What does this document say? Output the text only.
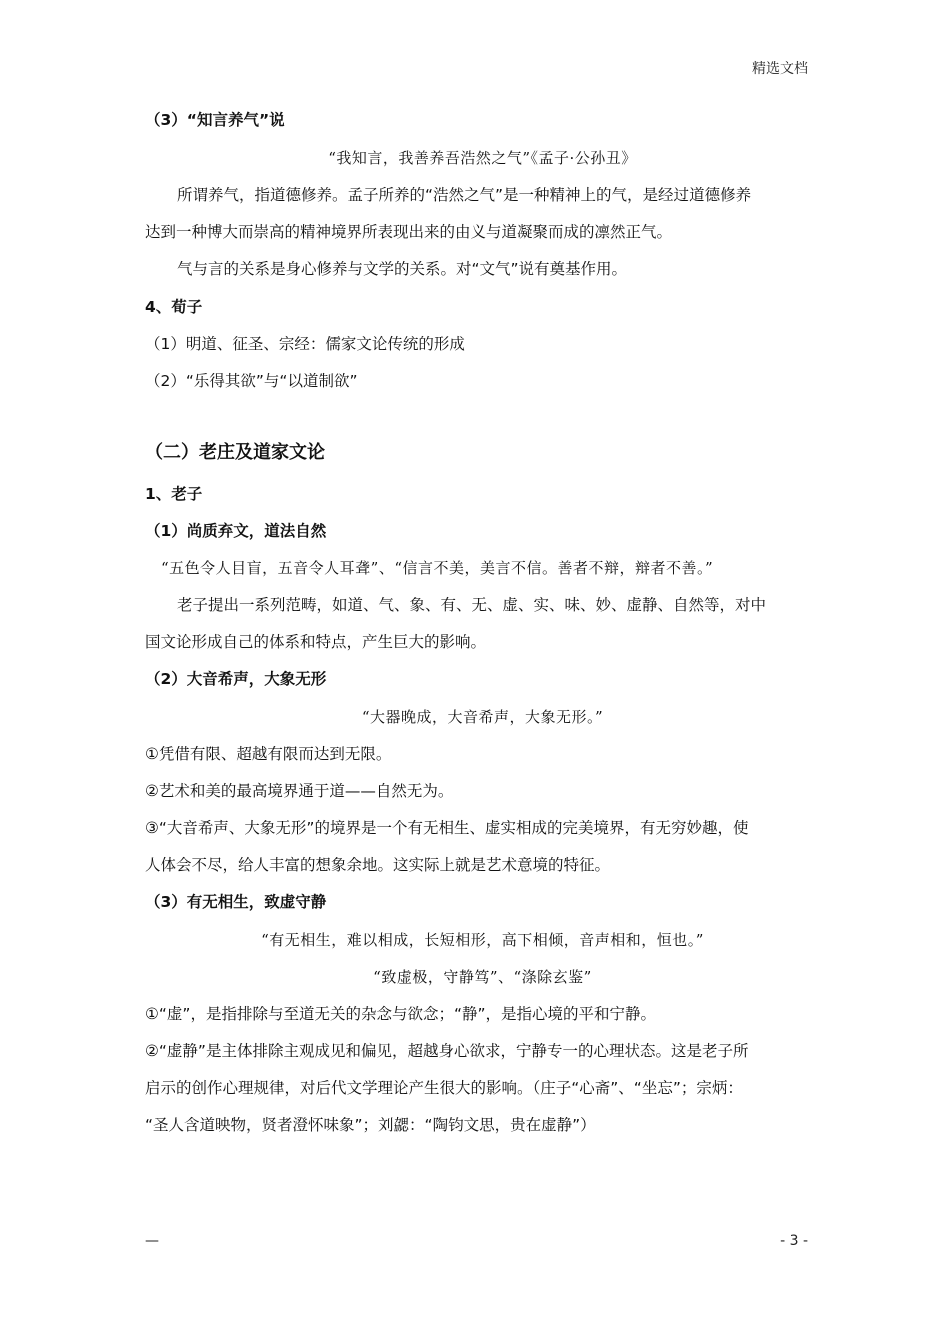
精选文档
（3）“知言养气”说
“我知言，我善养吾浩然之气”《孟子·公孙丑》
所谓养气，指道德修养。孟子所养的“浩然之气”是一种精神上的气，是经过道德修养
达到一种博大而崇高的精神境界所表现出来的由义与道凝聚而成的凛然正气。
气与言的关系是身心修养与文学的关系。对“文气”说有奠基作用。
4、荀子
（1）明道、征圣、宗经：儒家文论传统的形成
（2）“乐得其欲”与“以道制欲”
（二）老庄及道家文论
1、老子
（1）尚质弃文，道法自然
“五色令人目盲，五音令人耳聋”、“信言不美，美言不信。善者不辩，辩者不善。”
老子提出一系列范畴，如道、气、象、有、无、虚、实、味、妙、虚静、自然等，对中
国文论形成自己的体系和特点，产生巨大的影响。
（2）大音希声，大象无形
“大器晚成，大音希声，大象无形。”
①凭借有限、超越有限而达到无限。
②艺术和美的最高境界通于道——自然无为。
③“大音希声、大象无形”的境界是一个有无相生、虚实相成的完美境界，有无穷妙趣，使
人体会不尽，给人丰富的想象余地。这实际上就是艺术意境的特征。
（3）有无相生，致虚守静
“有无相生，难以相成，长短相形，高下相倾，音声相和，恒也。”
“致虚极，守静笃”、“涤除玄鉴”
①“虚”，是指排除与至道无关的杂念与欲念；“静”，是指心境的平和宁静。
②“虚静”是主体排除主观成见和偏见，超越身心欲求，宁静专一的心理状态。这是老子所
启示的创作心理规律，对后代文学理论产生很大的影响。（庄子“心斋”、“坐忘”；宗炳：
“圣人含道映物，贤者澄怀味象”；刘勰：“陶钧文思，贵在虚静”）
—	- 3 -
